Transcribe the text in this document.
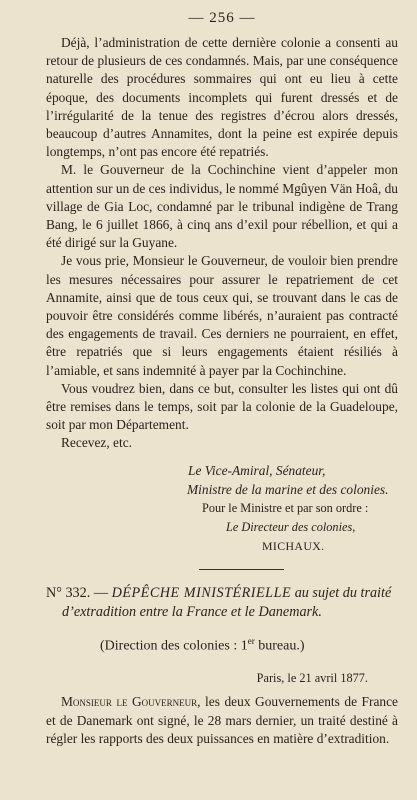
— 256 —

Déjà, l’administration de cette dernière colonie a consenti au retour de plusieurs de ces condamnés. Mais, par une conséquence naturelle des procédures sommaires qui ont eu lieu à cette époque, des documents incomplets qui furent dressés et de l’irrégularité de la tenue des registres d’écrou alors dressés, beaucoup d’autres Annamites, dont la peine est expirée depuis longtemps, n’ont pas encore été repatriés.

M. le Gouverneur de la Cochinchine vient d’appeler mon attention sur un de ces individus, le nommé Mgûyen Vän Hoâ, du village de Gia Loc, condamné par le tribunal indigène de Trang Bang, le 6 juillet 1866, à cinq ans d’exil pour rébellion, et qui a été dirigé sur la Guyane.

Je vous prie, Monsieur le Gouverneur, de vouloir bien prendre les mesures nécessaires pour assurer le repatriement de cet Annamite, ainsi que de tous ceux qui, se trouvant dans le cas de pouvoir être considérés comme libérés, n’auraient pas contracté des engagements de travail. Ces derniers ne pourraient, en effet, être repatriés que si leurs engagements étaient résiliés à l’amiable, et sans indemnité à payer par la Cochinchine.

Vous voudrez bien, dans ce but, consulter les listes qui ont dû être remises dans le temps, soit par la colonie de la Guadeloupe, soit par mon Département.

Recevez, etc.

Le Vice-Amiral, Sénateur,

Ministre de la marine et des colonies.

Pour le Ministre et par son ordre :

Le Directeur des colonies,

MICHAUX.

N° 332. — DÉPÊCHE MINISTÉRIELLE au sujet du traité
d’extradition entre la France et le Danemark.

(Direction des colonies : 1er bureau.)

Paris, le 21 avril 1877.

Monsieur le Gouverneur, les deux Gouvernements de France et de Danemark ont signé, le 28 mars dernier, un traité destiné à régler les rapports des deux puissances en matière d’extradition.
